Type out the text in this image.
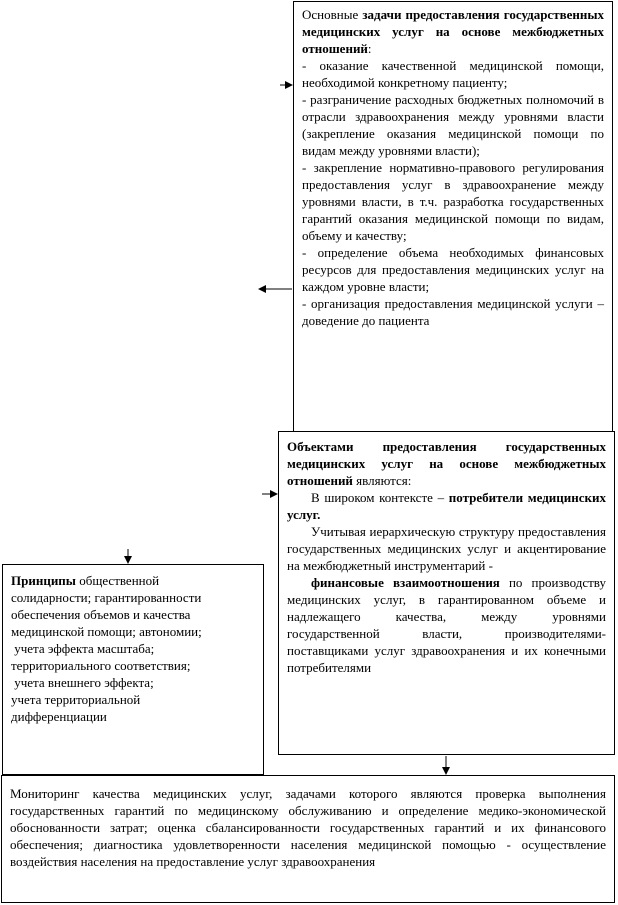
Основные задачи предоставления государственных медицинских услуг на основе межбюджетных отношений:
- оказание качественной медицинской помощи, необходимой конкретному пациенту;
- разграничение расходных бюджетных полномочий в отрасли здравоохранения между уровнями власти (закрепление оказания медицинской помощи по видам между уровнями власти);
- закрепление нормативно-правового регулирования предоставления услуг в здравоохранение между уровнями власти, в т.ч. разработка государственных гарантий оказания медицинской помощи по видам, объему и качеству;
- определение объема необходимых финансовых ресурсов для предоставления медицинских услуг на каждом уровне власти;
- организация предоставления медицинской услуги – доведение до пациента
Объектами предоставления государственных медицинских услуг на основе межбюджетных отношений являются:
В широком контексте – потребители медицинских услуг.
Учитывая иерархическую структуру предоставления государственных медицинских услуг и акцентирование на межбюджетный инструментарий -
финансовые взаимоотношения по производству медицинских услуг, в гарантированном объеме и надлежащего качества, между уровнями государственной власти, производителями-поставщиками услуг здравоохранения и их конечными потребителями
Принципы общественной
солидарности; гарантированности
обеспечения объемов и качества
медицинской помощи; автономии;
учета эффекта масштаба;
территориального соответствия;
учета внешнего эффекта;
учета территориальной
дифференциации
Мониторинг качества медицинских услуг, задачами которого являются проверка выполнения государственных гарантий по медицинскому обслуживанию и определение медико-экономической обоснованности затрат; оценка сбалансированности государственных гарантий и их финансового обеспечения; диагностика удовлетворенности населения медицинской помощью - осуществление воздействия населения на предоставление услуг здравоохранения
